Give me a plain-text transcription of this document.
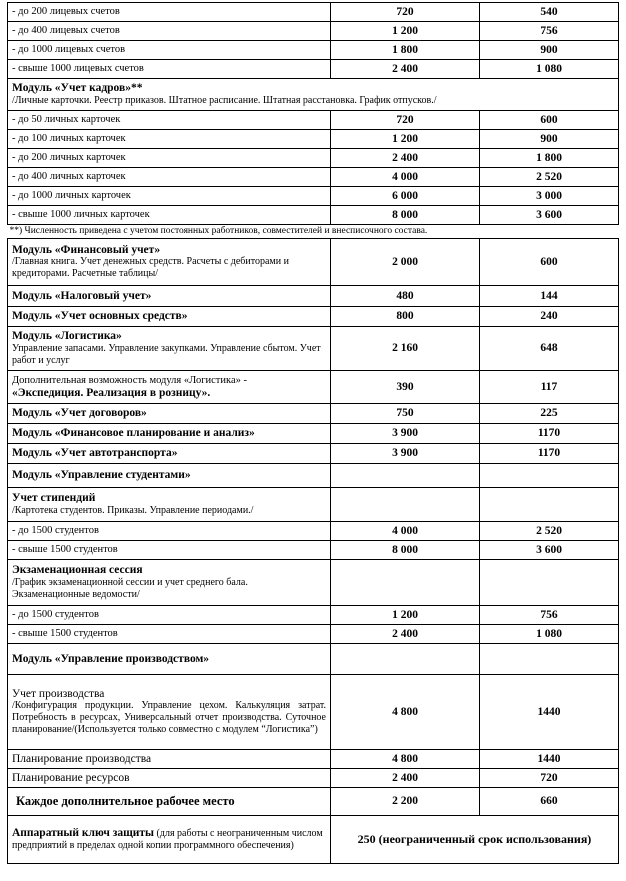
- до 200 лицевых счетов	720	540
- до 400 лицевых счетов	1 200	756
- до 1000 лицевых счетов	1 800	900
- свыше 1000 лицевых счетов	2 400	1 080

Модуль «Учет кадров»**
/Личные карточки. Реестр приказов. Штатное расписание. Штатная расстановка. График отпусков./		

- до 50 личных карточек	720	600
- до 100 личных карточек	1 200	900
- до 200 личных карточек	2 400	1 800
- до 400 личных карточек	4 000	2 520
- до 1000 личных карточек	6 000	3 000
- свыше 1000 личных карточек	8 000	3 600
**) Численность приведена с учетом постоянных работников, совместителей и внесписочного состава.		

Модуль «Финансовый учет»
/Главная книга. Учет денежных средств. Расчеты с дебиторами и кредиторами. Расчетные таблицы/	2 000	600
Модуль «Налоговый учет»	480	144
Модуль «Учет основных средств»	800	240

Модуль «Логистика»
Управление запасами. Управление закупками. Управление сбытом. Учет работ и услуг	2 160	648

Дополнительная возможность модуля «Логистика» -
«Экспедиция. Реализация в розницу».	390	117
Модуль «Учет договоров»	750	225
Модуль «Финансовое планирование и анализ»	3 900	1170
Модуль «Учет автотранспорта»	3 900	1170
Модуль «Управление студентами»		

Учет стипендий
/Картотека студентов. Приказы. Управление периодами./		

- до 1500 студентов	4 000	2 520
- свыше 1500 студентов	8 000	3 600

Экзаменационная сессия
/График экзаменационной сессии и учет среднего бала. Экзаменационные ведомости/		

- до 1500 студентов	1 200	756
- свыше 1500 студентов	2 400	1 080
Модуль «Управление производством»		

Учет производства
/Конфигурация продукции. Управление цехом. Калькуляция затрат. Потребность в ресурсах, Универсальный отчет производства. Суточное планирование/(Используется только совместно с модулем “Логистика”)	4 800	1440
Планирование производства	4 800	1440
Планирование ресурсов	2 400	720
Каждое дополнительное рабочее место	2 200	660
Аппаратный ключ защиты (для работы с неограниченным числом предприятий в пределах одной копии программного обеспечения)	250 (неограниченный срок использования)	
